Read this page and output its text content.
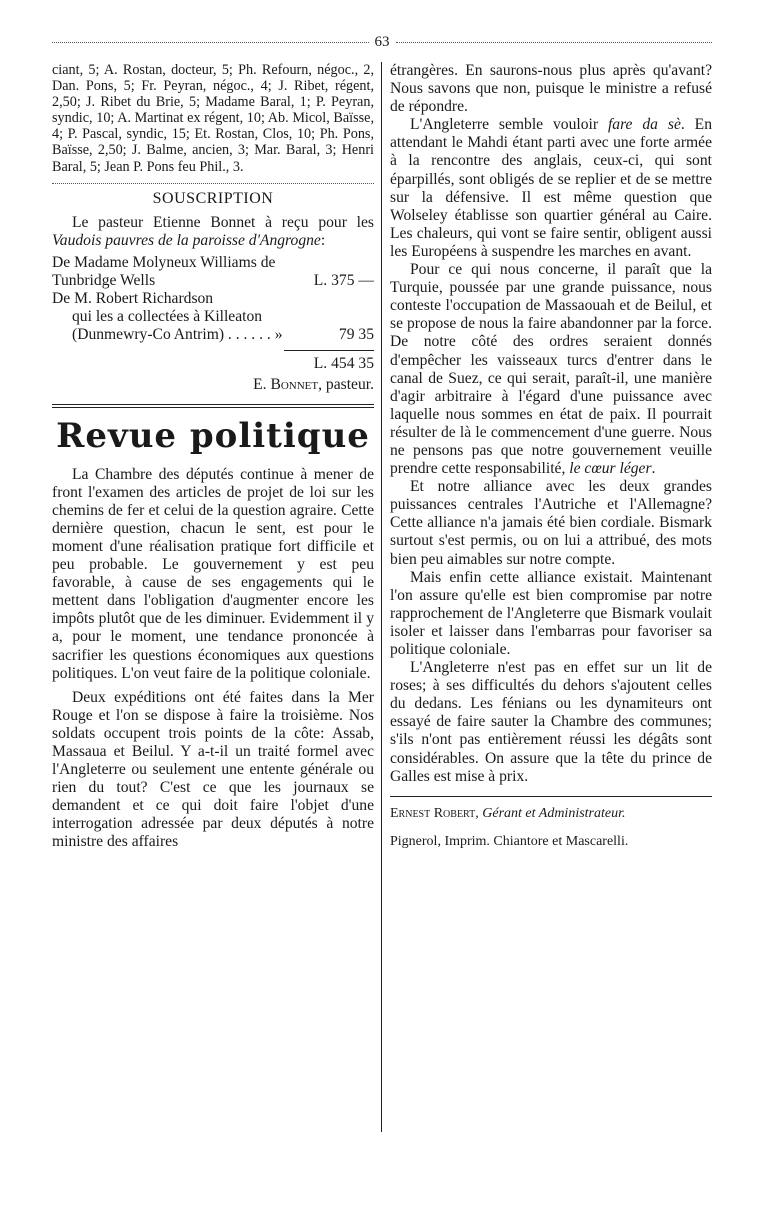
63

ciant, 5; A. Rostan, docteur, 5; Ph. Refourn, négoc., 2, Dan. Pons, 5; Fr. Peyran, négoc., 4; J. Ribet, régent, 2,50; J. Ribet du Brie, 5; Madame Baral, 1; P. Peyran, syndic, 10; A. Martinat ex régent, 10; Ab. Micol, Baïsse, 4; P. Pascal, syndic, 15; Et. Rostan, Clos, 10; Ph. Pons, Baïsse, 2,50; J. Balme, ancien, 3; Mar. Baral, 3; Henri Baral, 5; Jean P. Pons feu Phil., 3.

SOUSCRIPTION

Le pasteur Etienne Bonnet à reçu pour les Vaudois pauvres de la paroisse d'Angrogne:

De Madame Molyneux Williams de Tunbridge Wells	L. 375 —
De M. Robert Richardson
qui les a collectées à Killeaton (Dunmewry-Co Antrim) . . . . . . »	79 35
L. 454 35
E. Bonnet, pasteur.
Revue politique

La Chambre des députés continue à mener de front l'examen des articles de projet de loi sur les chemins de fer et celui de la question agraire. Cette dernière question, chacun le sent, est pour le moment d'une réalisation pratique fort difficile et peu probable. Le gouvernement y est peu favorable, à cause de ses engagements qui le mettent dans l'obligation d'augmenter encore les impôts plutôt que de les diminuer. Evidemment il y a, pour le moment, une tendance prononcée à sacrifier les questions économiques aux questions politiques. L'on veut faire de la politique coloniale.

Deux expéditions ont été faites dans la Mer Rouge et l'on se dispose à faire la troisième. Nos soldats occupent trois points de la côte: Assab, Massaua et Beilul. Y a-t-il un traité formel avec l'Angleterre ou seulement une entente générale ou rien du tout? C'est ce que les journaux se demandent et ce qui doit faire l'objet d'une interrogation adressée par deux députés à notre ministre des affaires

étrangères. En saurons-nous plus après qu'avant? Nous savons que non, puisque le ministre a refusé de répondre.

L'Angleterre semble vouloir fare da sè. En attendant le Mahdi étant parti avec une forte armée à la rencontre des anglais, ceux-ci, qui sont éparpillés, sont obligés de se replier et de se mettre sur la défensive. Il est même question que Wolseley établisse son quartier général au Caire. Les chaleurs, qui vont se faire sentir, obligent aussi les Européens à suspendre les marches en avant.

Pour ce qui nous concerne, il paraît que la Turquie, poussée par une grande puissance, nous conteste l'occupation de Massaouah et de Beilul, et se propose de nous la faire abandonner par la force. De notre côté des ordres seraient donnés d'empêcher les vaisseaux turcs d'entrer dans le canal de Suez, ce qui serait, paraît-il, une manière d'agir arbitraire à l'égard d'une puissance avec laquelle nous sommes en état de paix. Il pourrait résulter de là le commencement d'une guerre. Nous ne pensons pas que notre gouvernement veuille prendre cette responsabilité, le cœur léger.

Et notre alliance avec les deux grandes puissances centrales l'Autriche et l'Allemagne? Cette alliance n'a jamais été bien cordiale. Bismark surtout s'est permis, ou on lui a attribué, des mots bien peu aimables sur notre compte.

Mais enfin cette alliance existait. Maintenant l'on assure qu'elle est bien compromise par notre rapprochement de l'Angleterre que Bismark voulait isoler et laisser dans l'embarras pour favoriser sa politique coloniale.

L'Angleterre n'est pas en effet sur un lit de roses; à ses difficultés du dehors s'ajoutent celles du dedans. Les fénians ou les dynamiteurs ont essayé de faire sauter la Chambre des communes; s'ils n'ont pas entièrement réussi les dégâts sont considérables. On assure que la tête du prince de Galles est mise à prix.

Ernest Robert, Gérant et Administrateur.
Pignerol, Imprim. Chiantore et Mascarelli.
